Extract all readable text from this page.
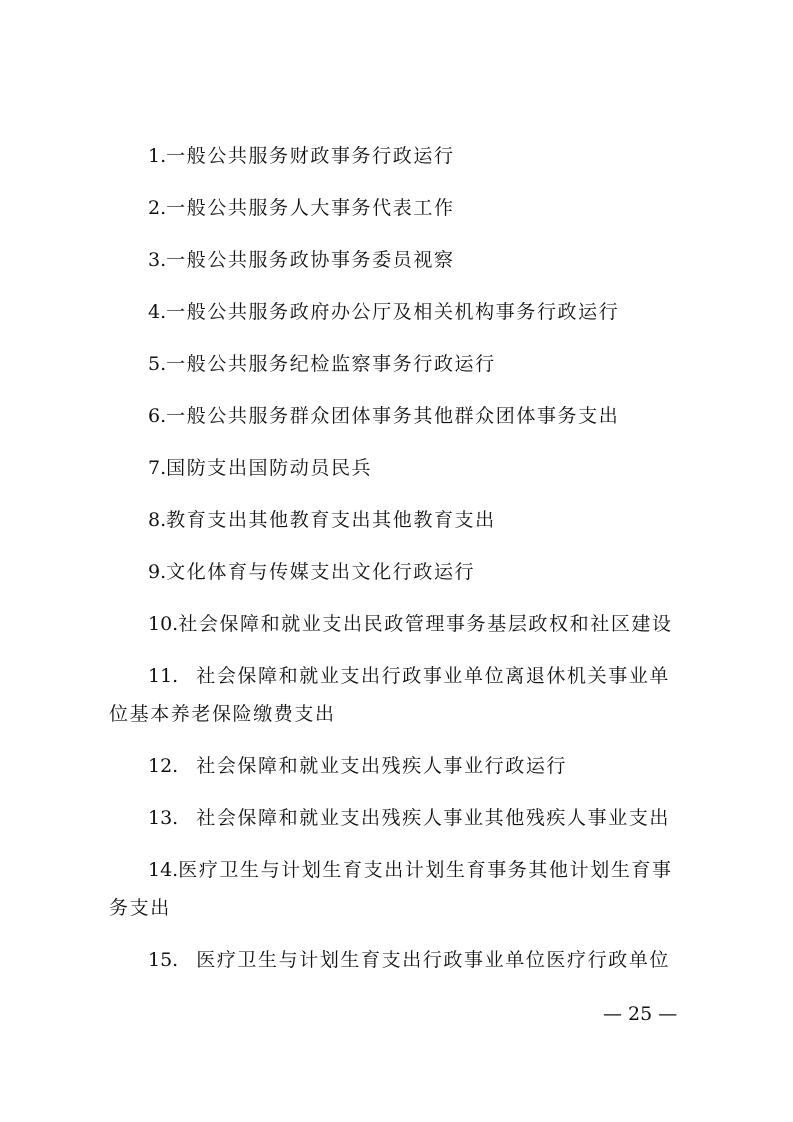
1.一般公共服务财政事务行政运行
2.一般公共服务人大事务代表工作
3.一般公共服务政协事务委员视察
4.一般公共服务政府办公厅及相关机构事务行政运行
5.一般公共服务纪检监察事务行政运行
6.一般公共服务群众团体事务其他群众团体事务支出
7.国防支出国防动员民兵
8.教育支出其他教育支出其他教育支出
9.文化体育与传媒支出文化行政运行
10.社会保障和就业支出民政管理事务基层政权和社区建设
11. 社会保障和就业支出行政事业单位离退休机关事业单
位基本养老保险缴费支出
12. 社会保障和就业支出残疾人事业行政运行
13. 社会保障和就业支出残疾人事业其他残疾人事业支出
14.医疗卫生与计划生育支出计划生育事务其他计划生育事
务支出
15. 医疗卫生与计划生育支出行政事业单位医疗行政单位
— 25 —
